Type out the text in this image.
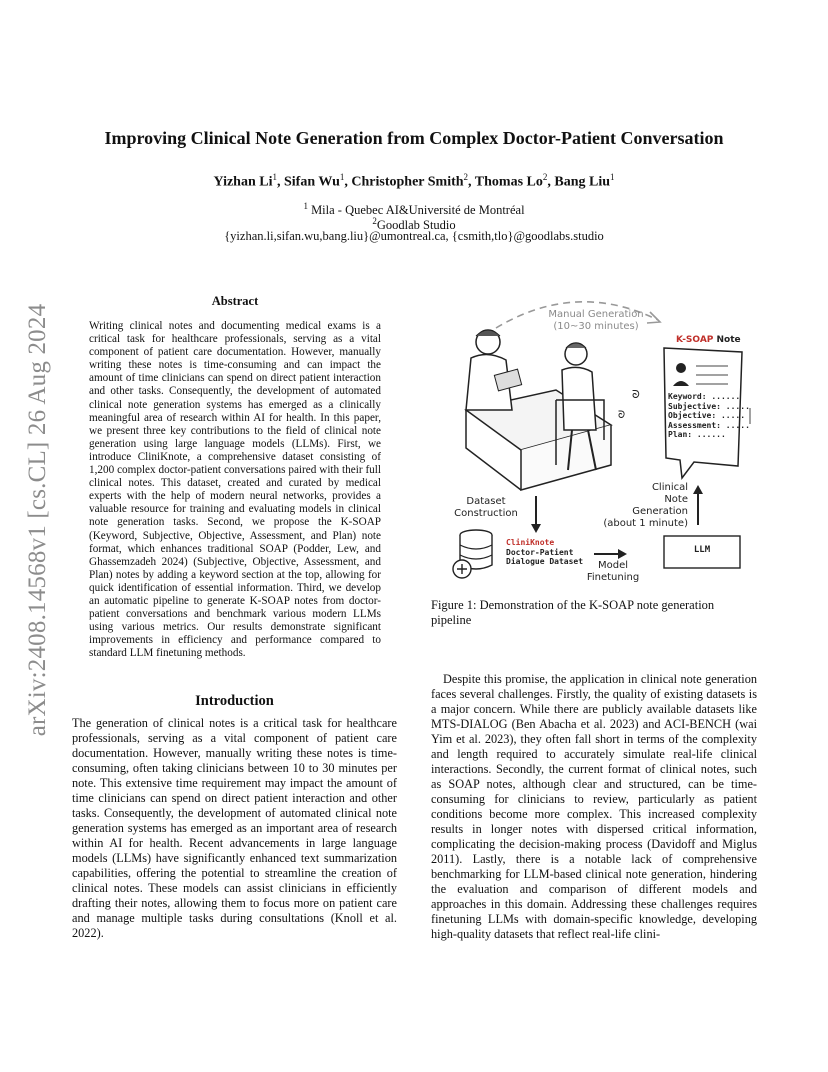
arXiv:2408.14568v1 [cs.CL] 26 Aug 2024
Improving Clinical Note Generation from Complex Doctor-Patient Conversation
Yizhan Li$^1$, Sifan Wu$^1$, Christopher Smith$^2$, Thomas Lo$^2$, Bang Liu$^1$
$^1$ Mila - Quebec AI&Université de Montréal
$^2$Goodlab Studio
{yizhan.li,sifan.wu,bang.liu}@umontreal.ca, {csmith,tlo}@goodlabs.studio
Abstract

Writing clinical notes and documenting medical exams is a critical task for healthcare professionals, serving as a vital component of patient care documentation. However, manually writing these notes is time-consuming and can impact the amount of time clinicians can spend on direct patient interaction and other tasks. Consequently, the development of automated clinical note generation systems has emerged as a clinically meaningful area of research within AI for health. In this paper, we present three key contributions to the field of clinical note generation using large language models (LLMs). First, we introduce CliniKnote, a comprehensive dataset consisting of 1,200 complex doctor-patient conversations paired with their full clinical notes. This dataset, created and curated by medical experts with the help of modern neural networks, provides a valuable resource for training and evaluating models in clinical note generation tasks. Second, we propose the K-SOAP (Keyword, Subjective, Objective, Assessment, and Plan) note format, which enhances traditional SOAP (Podder, Lew, and Ghassemzadeh 2024) (Subjective, Objective, Assessment, and Plan) notes by adding a keyword section at the top, allowing for quick identification of essential information. Third, we develop an automatic pipeline to generate K-SOAP notes from doctor-patient conversations and benchmark various modern LLMs using various metrics. Our results demonstrate significant improvements in efficiency and performance compared to standard LLM finetuning methods.

Introduction

The generation of clinical notes is a critical task for healthcare professionals, serving as a vital component of patient care documentation. However, manually writing these notes is time-consuming, often taking clinicians between 10 to 30 minutes per note. This extensive time requirement may impact the amount of time clinicians can spend on direct patient interaction and other tasks. Consequently, the development of automated clinical note generation systems has emerged as an important area of research within AI for health. Recent advancements in large language models (LLMs) have significantly enhanced text summarization capabilities, offering the potential to streamline the creation of clinical notes. These models can assist clinicians in efficiently drafting their notes, allowing them to focus more on patient care and manage multiple tasks during consultations (Knoll et al. 2022).

ᘐ
ᘐ
Manual Generation
(10~30 minutes)
K-SOAP Note
Keyword: ......
Subjective: .....
Objective: .....
Assessment: .....
Plan: ......
Dataset
Construction
Clinical
Note
Generation
(about 1 minute)
CliniKnote
Doctor-Patient
Dialogue Dataset	Model
Finetuning
LLM
Figure 1: Demonstration of the K-SOAP note generation pipeline

Despite this promise, the application in clinical note generation faces several challenges. Firstly, the quality of existing datasets is a major concern. While there are publicly available datasets like MTS-DIALOG (Ben Abacha et al. 2023) and ACI-BENCH (wai Yim et al. 2023), they often fall short in terms of the complexity and length required to accurately simulate real-life clinical interactions. Secondly, the current format of clinical notes, such as SOAP notes, although clear and structured, can be time-consuming for clinicians to review, particularly as patient conditions become more complex. This increased complexity results in longer notes with dispersed critical information, complicating the decision-making process (Davidoff and Miglus 2011). Lastly, there is a notable lack of comprehensive benchmarking for LLM-based clinical note generation, hindering the evaluation and comparison of different models and approaches in this domain. Addressing these challenges requires finetuning LLMs with domain-specific knowledge, developing high-quality datasets that reflect real-life clini-
